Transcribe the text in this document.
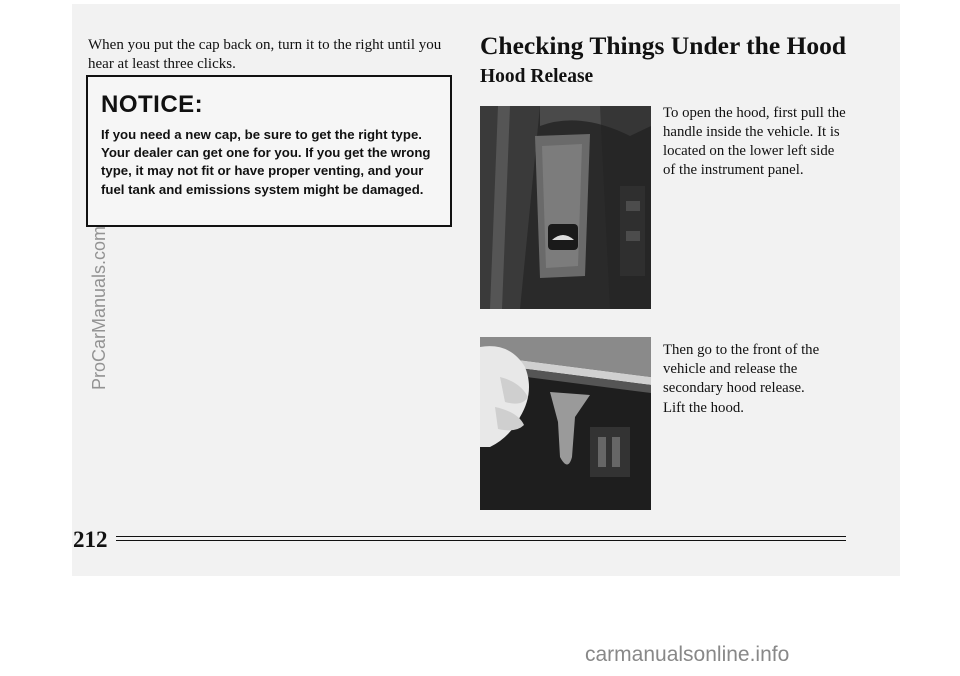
When you put the cap back on, turn it to the right until you hear at least three clicks.

NOTICE:

If you need a new cap, be sure to get the right type. Your dealer can get one for you. If you get the wrong type, it may not fit or have proper venting, and your fuel tank and emissions system might be damaged.

Checking Things Under the Hood
Hood Release

To open the hood, first pull the handle inside the vehicle. It is located on the lower left side of the instrument panel.

Then go to the front of the vehicle and release the secondary hood release.

Lift the hood.

212

ProCarManuals.com
carmanualsonline.info
